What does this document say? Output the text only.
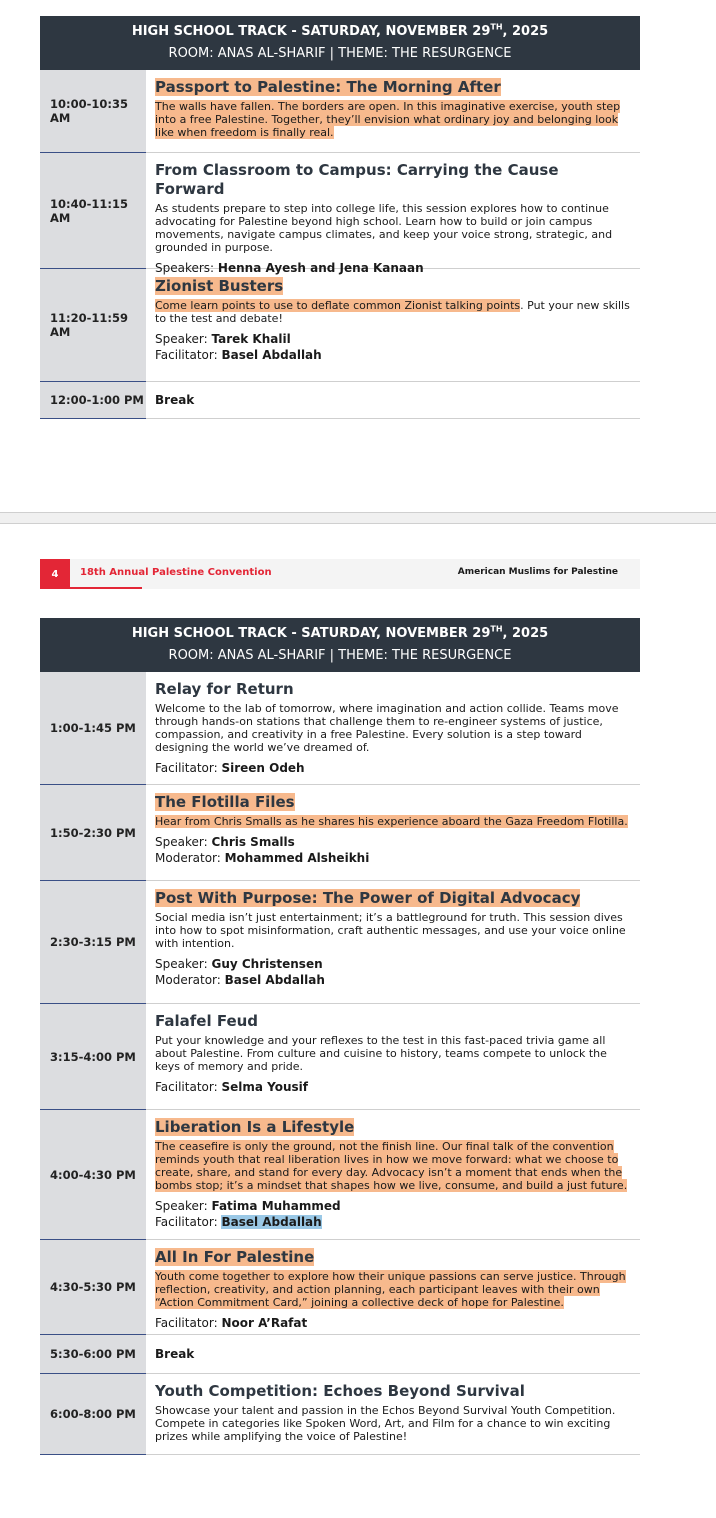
HIGH SCHOOL TRACK - SATURDAY, NOVEMBER 29TH, 2025
ROOM: ANAS AL-SHARIF | THEME: THE RESURGENCE
10:00-10:35 AM
Passport to Palestine: The Morning After

The walls have fallen. The borders are open. In this imaginative exercise, youth step into a free Palestine. Together, they’ll envision what ordinary joy and belonging look like when freedom is finally real.

10:40-11:15 AM
From Classroom to Campus: Carrying the Cause Forward

As students prepare to step into college life, this session explores how to continue advocating for Palestine beyond high school. Learn how to build or join campus movements, navigate campus climates, and keep your voice strong, strategic, and grounded in purpose.

Speakers: Henna Ayesh and Jena Kanaan
11:20-11:59 AM
Zionist Busters

Come learn points to use to deflate common Zionist talking points. Put your new skills to the test and debate!

Speaker: Tarek Khalil
Facilitator: Basel Abdallah
12:00-1:00 PM Break
4	18th Annual Palestine Convention	American Muslims for Palestine
HIGH SCHOOL TRACK - SATURDAY, NOVEMBER 29TH, 2025
ROOM: ANAS AL-SHARIF | THEME: THE RESURGENCE
1:00-1:45 PM
Relay for Return

Welcome to the lab of tomorrow, where imagination and action collide. Teams move through hands-on stations that challenge them to re-engineer systems of justice, compassion, and creativity in a free Palestine. Every solution is a step toward designing the world we’ve dreamed of.

Facilitator: Sireen Odeh
1:50-2:30 PM
The Flotilla Files

Hear from Chris Smalls as he shares his experience aboard the Gaza Freedom Flotilla.

Speaker: Chris Smalls
Moderator: Mohammed Alsheikhi
2:30-3:15 PM
Post With Purpose: The Power of Digital Advocacy

Social media isn’t just entertainment; it’s a battleground for truth. This session dives into how to spot misinformation, craft authentic messages, and use your voice online with intention.

Speaker: Guy Christensen
Moderator: Basel Abdallah
3:15-4:00 PM
Falafel Feud

Put your knowledge and your reflexes to the test in this fast-paced trivia game all about Palestine. From culture and cuisine to history, teams compete to unlock the keys of memory and pride.

Facilitator: Selma Yousif
4:00-4:30 PM
Liberation Is a Lifestyle

The ceasefire is only the ground, not the finish line. Our final talk of the convention reminds youth that real liberation lives in how we move forward: what we choose to create, share, and stand for every day. Advocacy isn’t a moment that ends when the bombs stop; it’s a mindset that shapes how we live, consume, and build a just future.

Speaker: Fatima Muhammed
Facilitator: Basel Abdallah
4:30-5:30 PM
All In For Palestine

Youth come together to explore how their unique passions can serve justice. Through reflection, creativity, and action planning, each participant leaves with their own “Action Commitment Card,” joining a collective deck of hope for Palestine.

Facilitator: Noor A’Rafat
5:30-6:00 PM	Break
6:00-8:00 PM
Youth Competition: Echoes Beyond Survival

Showcase your talent and passion in the Echos Beyond Survival Youth Competition. Compete in categories like Spoken Word, Art, and Film for a chance to win exciting prizes while amplifying the voice of Palestine!
